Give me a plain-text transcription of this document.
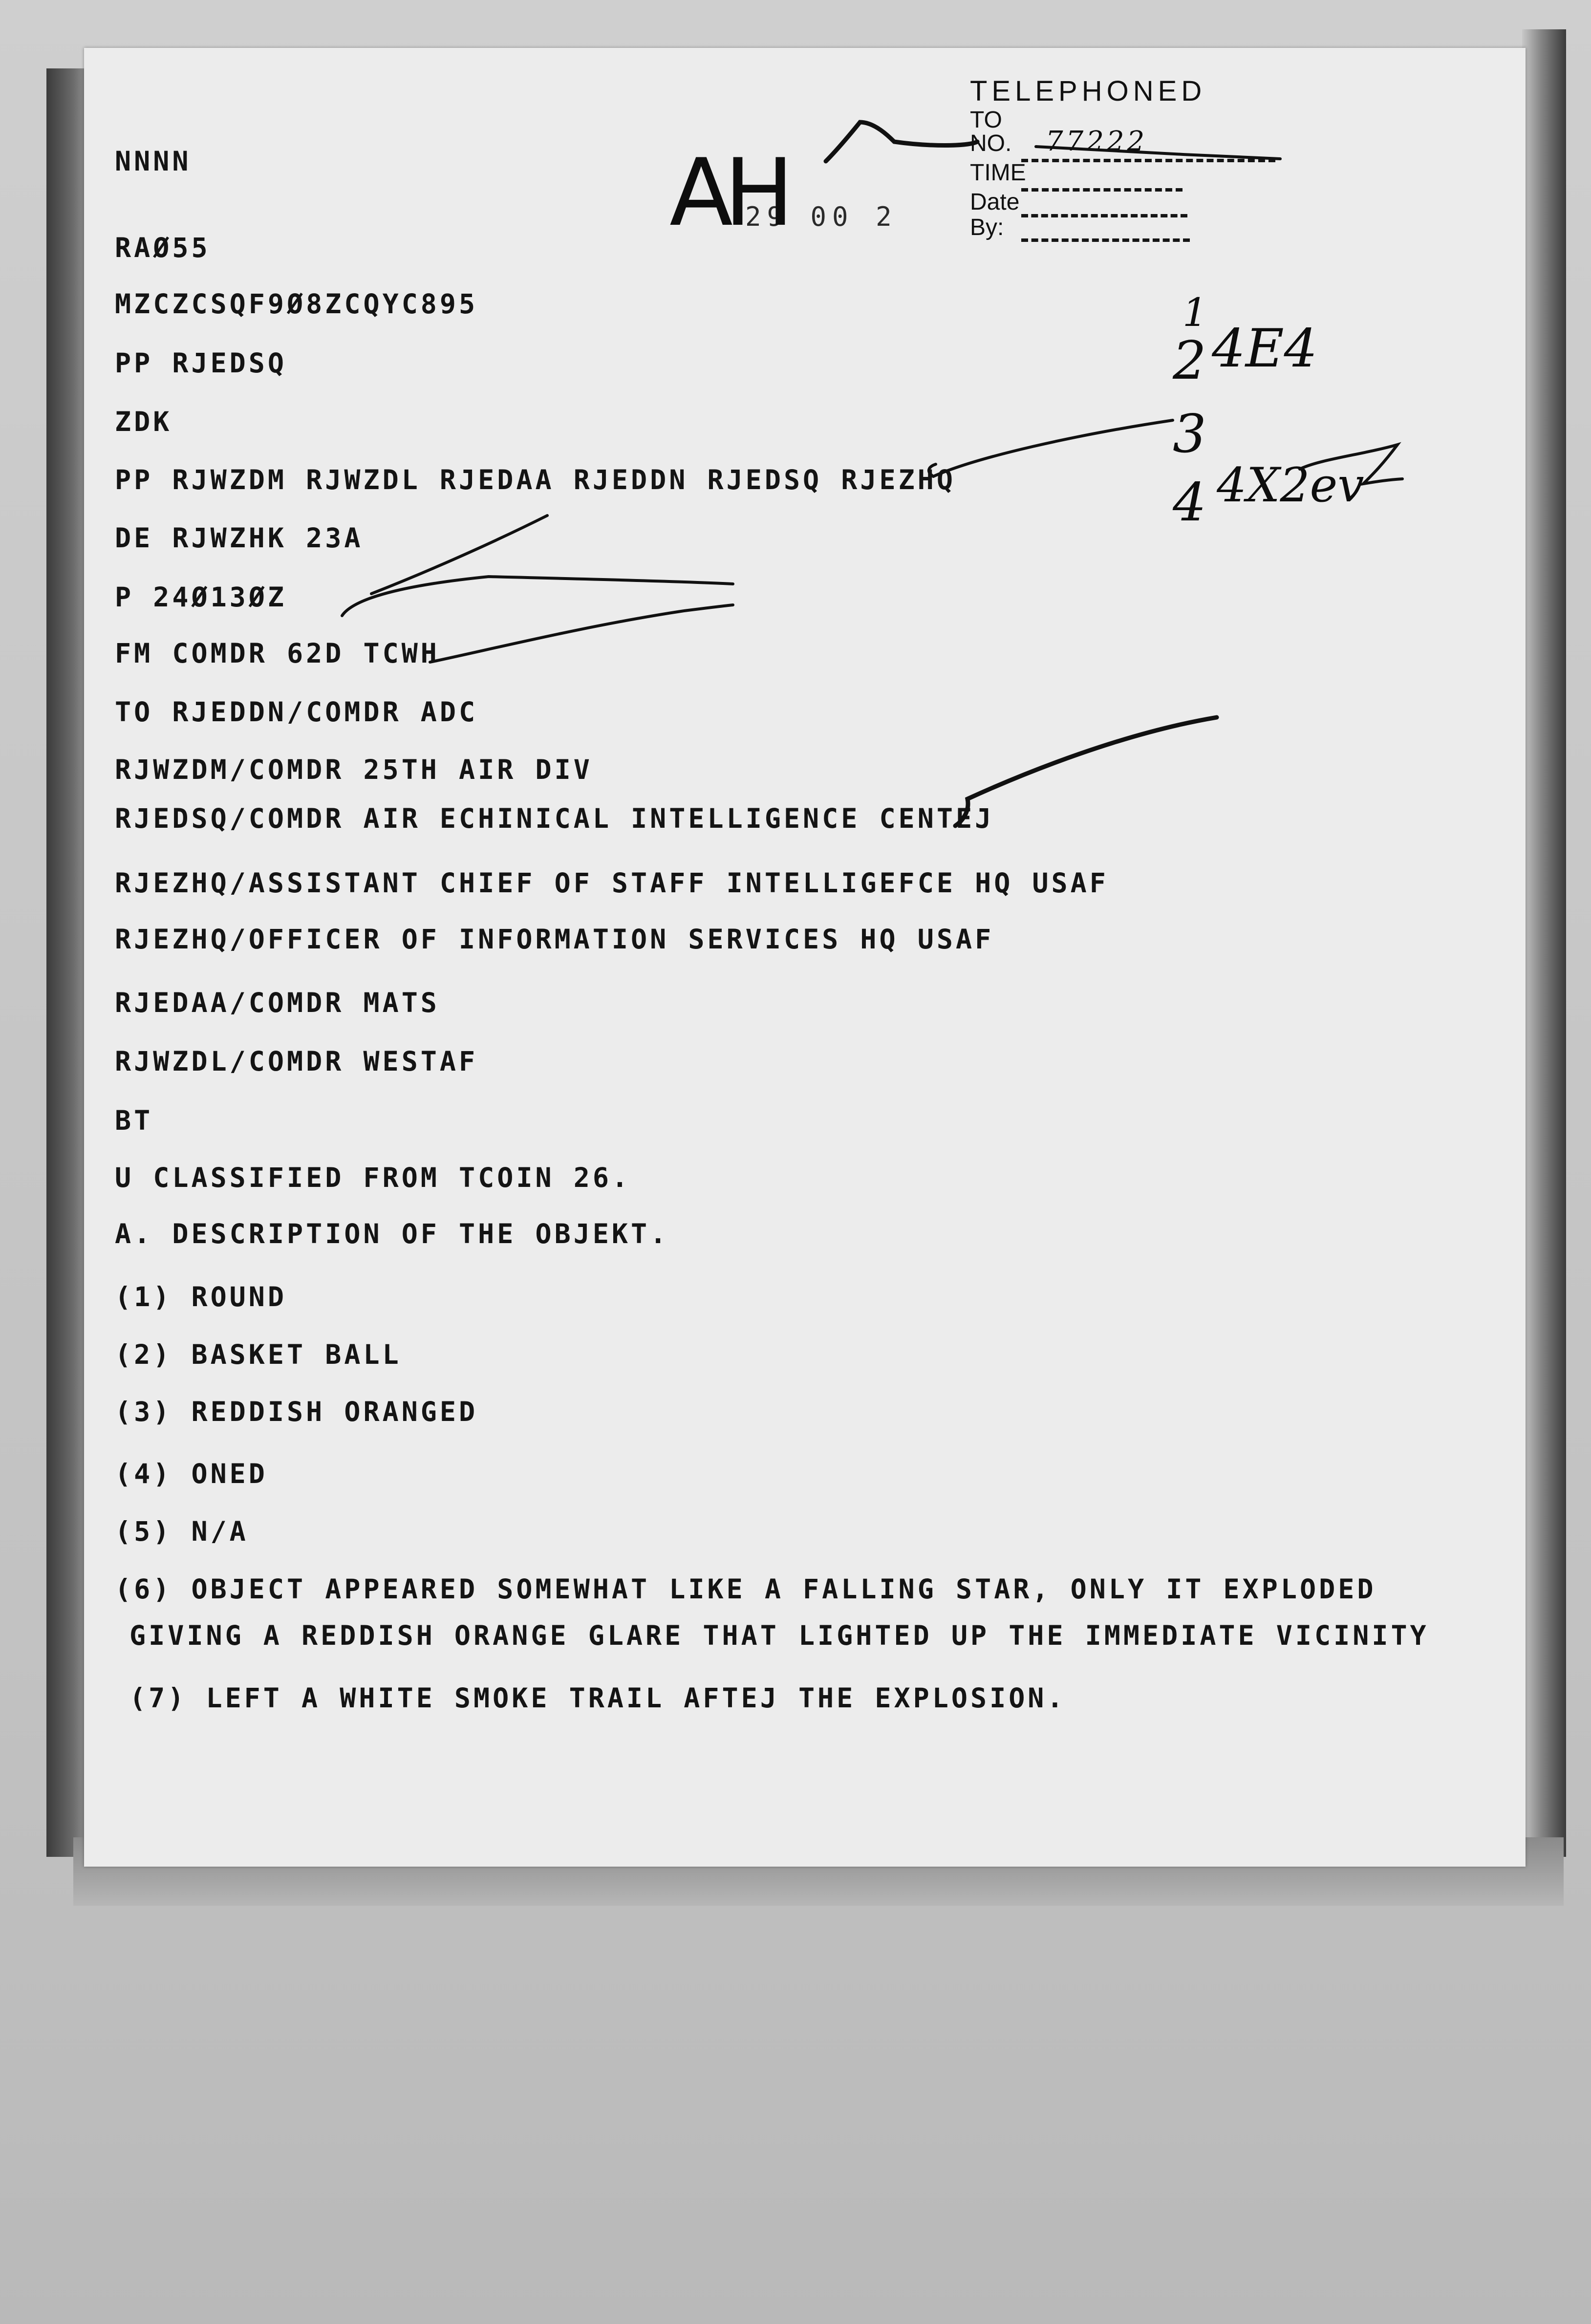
TELEPHONED
TO
NO. 77222
TIME
Date
By:
29 00 2
AH
1
2 4E4
3
4 4X2ev
NNNN
RAØ55
MZCZCSQF9Ø8ZCQYC895
PP RJEDSQ
ZDK
PP RJWZDM RJWZDL RJEDAA RJEDDN RJEDSQ RJEZHQ
DE RJWZHK 23A
P 24Ø13ØZ
FM COMDR 62D TCWH
TO RJEDDN/COMDR ADC
RJWZDM/COMDR 25TH AIR DIV
RJEDSQ/COMDR AIR ECHINICAL INTELLIGENCE CENTEJ
RJEZHQ/ASSISTANT CHIEF OF STAFF INTELLIGEFCE HQ USAF
RJEZHQ/OFFICER OF INFORMATION SERVICES HQ USAF
RJEDAA/COMDR MATS
RJWZDL/COMDR WESTAF
BT
U CLASSIFIED FROM TCOIN 26.
A. DESCRIPTION OF THE OBJEKT.
(1) ROUND
(2) BASKET BALL
(3) REDDISH ORANGED
(4) ONED
(5) N/A
(6) OBJECT APPEARED SOMEWHAT LIKE A FALLING STAR, ONLY IT EXPLODED
GIVING A REDDISH ORANGE GLARE THAT LIGHTED UP THE IMMEDIATE VICINITY
(7) LEFT A WHITE SMOKE TRAIL AFTEJ THE EXPLOSION.
